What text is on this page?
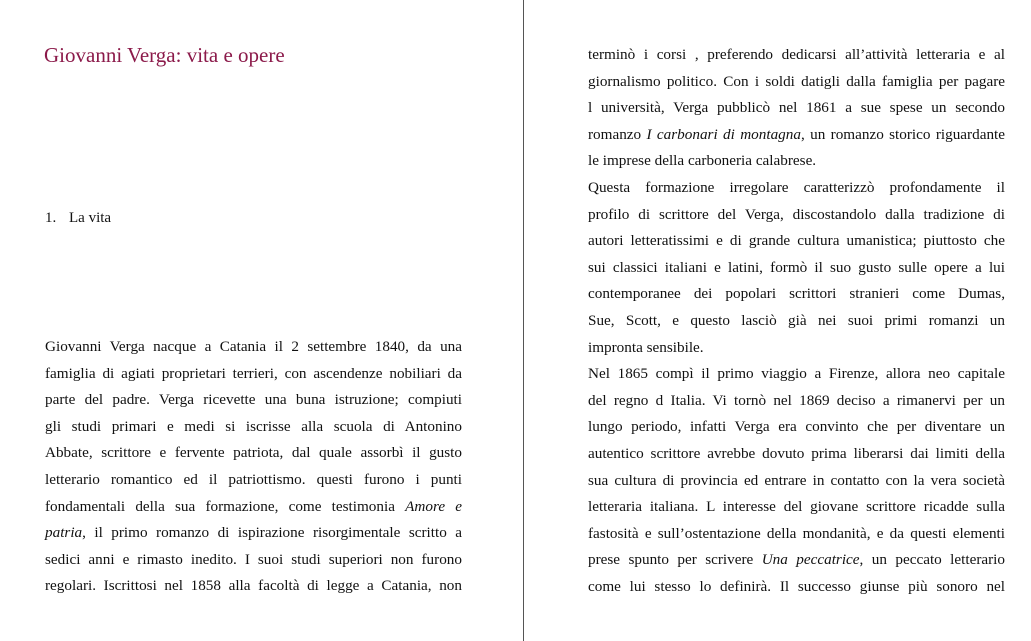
Giovanni Verga: vita e opere
1. La vita
Giovanni Verga nacque a Catania il 2 settembre 1840, da una
famiglia di agiati proprietari terrieri, con ascendenze nobiliari da
parte del padre. Verga ricevette una buna istruzione; compiuti
gli studi primari e medi si iscrisse alla scuola di Antonino
Abbate, scrittore e fervente patriota, dal quale assorbì il gusto
letterario romantico ed il patriottismo. questi furono i punti
fondamentali della sua formazione, come testimonia Amore e
patria, il primo romanzo di ispirazione risorgimentale scritto a
sedici anni e rimasto inedito. I suoi studi superiori non furono
regolari. Iscrittosi nel 1858 alla facoltà di legge a Catania, non
terminò i corsi , preferendo dedicarsi all’attività letteraria e al
giornalismo politico. Con i soldi datigli dalla famiglia per pagare
l università, Verga pubblicò nel 1861 a sue spese un secondo
romanzo I carbonari di montagna, un romanzo storico riguardante
le imprese della carboneria calabrese.
Questa formazione irregolare caratterizzò profondamente il
profilo di scrittore del Verga, discostandolo dalla tradizione di
autori letteratissimi e di grande cultura umanistica; piuttosto che
sui classici italiani e latini, formò il suo gusto sulle opere a lui
contemporanee dei popolari scrittori stranieri come Dumas,
Sue, Scott, e questo lasciò già nei suoi primi romanzi un
impronta sensibile.
Nel 1865 compì il primo viaggio a Firenze, allora neo capitale
del regno d Italia. Vi tornò nel 1869 deciso a rimanervi per un
lungo periodo, infatti Verga era convinto che per diventare un
autentico scrittore avrebbe dovuto prima liberarsi dai limiti della
sua cultura di provincia ed entrare in contatto con la vera società
letteraria italiana. L interesse del giovane scrittore ricadde sulla
fastosità e sull’ostentazione della mondanità, e da questi elementi
prese spunto per scrivere Una peccatrice, un peccato letterario
come lui stesso lo definirà. Il successo giunse più sonoro nel
